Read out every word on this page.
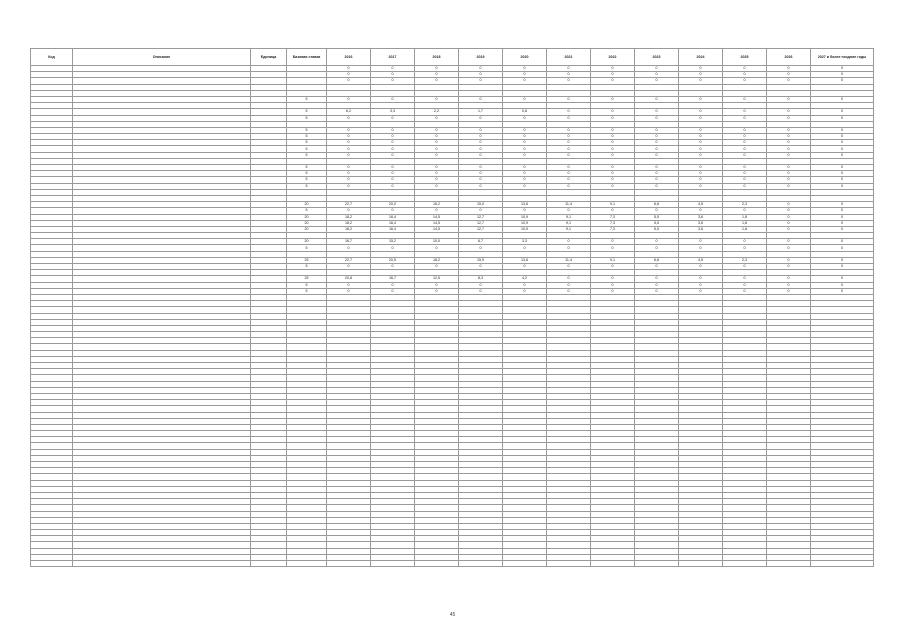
Код	Описание	Единица	Базовая ставка	2016	2017	2018	2019	2020	2021	2022	2023	2024	2025	2026	2027 и более поздние годы
				0	0	0	0	0	0	0	0	0	0	0	0
				0	0	0	0	0	0	0	0	0	0	0	0
				0	0	0	0	0	0	0	0	0	0	0	0

			5	0	0	0	0	0	0	0	0	0	0	0	0

			5	6,2	3,3	2,2	1,7	0,8	0	0	0	0	0	0	0
			5	0	0	0	0	0	0	0	0	0	0	0	0

			5	0	0	0	0	0	0	0	0	0	0	0	0
			5	0	0	0	0	0	0	0	0	0	0	0	0
			5	0	0	0	0	0	0	0	0	0	0	0	0
			5	0	0	0	0	0	0	0	0	0	0	0	0
			5	0	0	0	0	0	0	0	0	0	0	0	0

			5	0	0	0	0	0	0	0	0	0	0	0	0
			5	0	0	0	0	0	0	0	0	0	0	0	0
			5	0	0	0	0	0	0	0	0	0	0	0	0
			5	0	0	0	0	0	0	0	0	0	0	0	0

			20	22,7	20,0	16,2	15,0	13,6	11,4	9,1	6,8	4,5	2,3	0	0
			5	0	0	0	0	0	0	0	0	0	0	0	0
			20	18,2	16,4	14,5	12,7	10,9	9,1	7,3	5,5	3,6	1,8	0	0
			20	18,2	16,4	14,5	12,7	10,9	9,1	7,3	5,5	3,6	1,8	0	0
			20	18,2	16,4	14,5	12,7	10,9	9,1	7,3	5,5	3,6	1,8	0	0

			20	16,7	15,2	10,0	6,7	3,3	0	0	0	0	0	0	0
			5	0	0	0	0	0	0	0	0	0	0	0	0

			25	22,7	20,5	18,2	15,9	13,6	11,4	9,1	6,8	4,5	2,3	0	0
			5	0	0	0	0	0	0	0	0	0	0	0	0

			25	20,8	16,7	12,5	8,3	4,2	0	0	0	0	0	0	0
			5	0	0	0	0	0	0	0	0	0	0	0	0
			5	0	0	0	0	0	0	0	0	0	0	0	0

45
